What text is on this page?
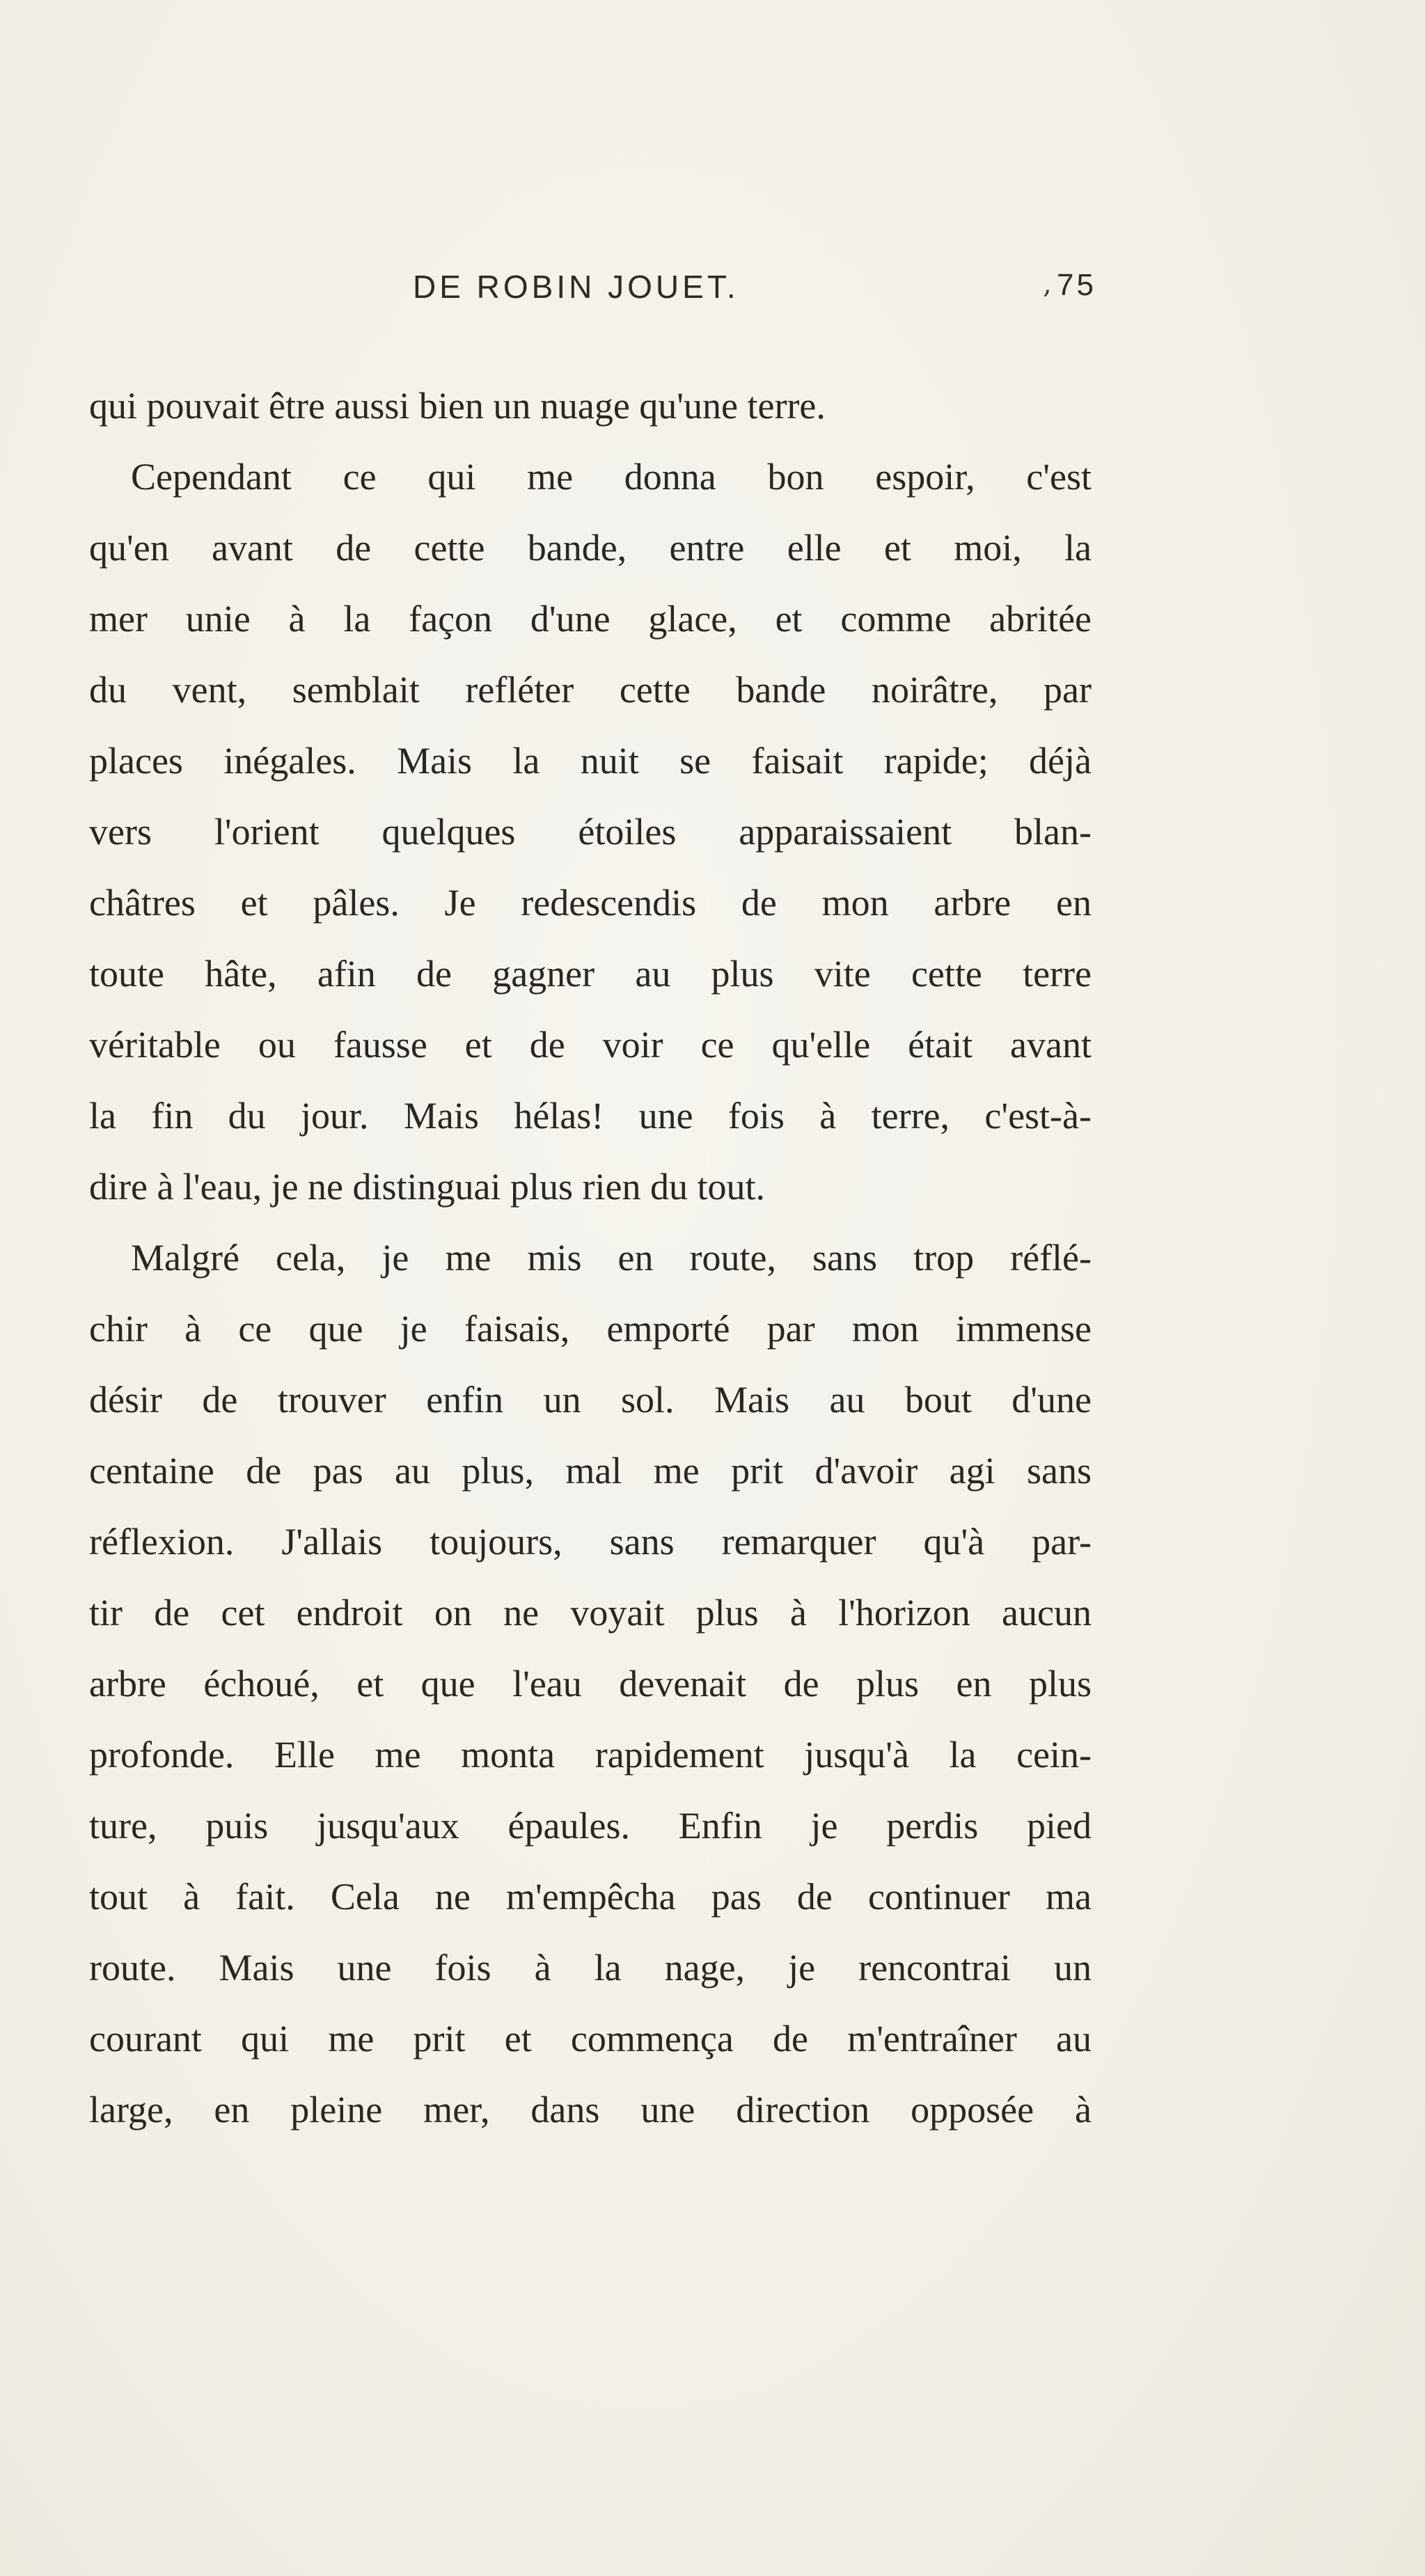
DE ROBIN JOUET.	, 75
qui pouvait être aussi bien un nuage qu'une terre.
Cependant ce qui me donna bon espoir, c'est
qu'en avant de cette bande, entre elle et moi, la
mer unie à la façon d'une glace, et comme abritée
du vent, semblait refléter cette bande noirâtre, par
places inégales. Mais la nuit se faisait rapide; déjà
vers l'orient quelques étoiles apparaissaient blan-
châtres et pâles. Je redescendis de mon arbre en
toute hâte, afin de gagner au plus vite cette terre
véritable ou fausse et de voir ce qu'elle était avant
la fin du jour. Mais hélas! une fois à terre, c'est-à-
dire à l'eau, je ne distinguai plus rien du tout.
Malgré cela, je me mis en route, sans trop réflé-
chir à ce que je faisais, emporté par mon immense
désir de trouver enfin un sol. Mais au bout d'une
centaine de pas au plus, mal me prit d'avoir agi sans
réflexion. J'allais toujours, sans remarquer qu'à par-
tir de cet endroit on ne voyait plus à l'horizon aucun
arbre échoué, et que l'eau devenait de plus en plus
profonde. Elle me monta rapidement jusqu'à la cein-
ture, puis jusqu'aux épaules. Enfin je perdis pied
tout à fait. Cela ne m'empêcha pas de continuer ma
route. Mais une fois à la nage, je rencontrai un
courant qui me prit et commença de m'entraîner au
large, en pleine mer, dans une direction opposée à
